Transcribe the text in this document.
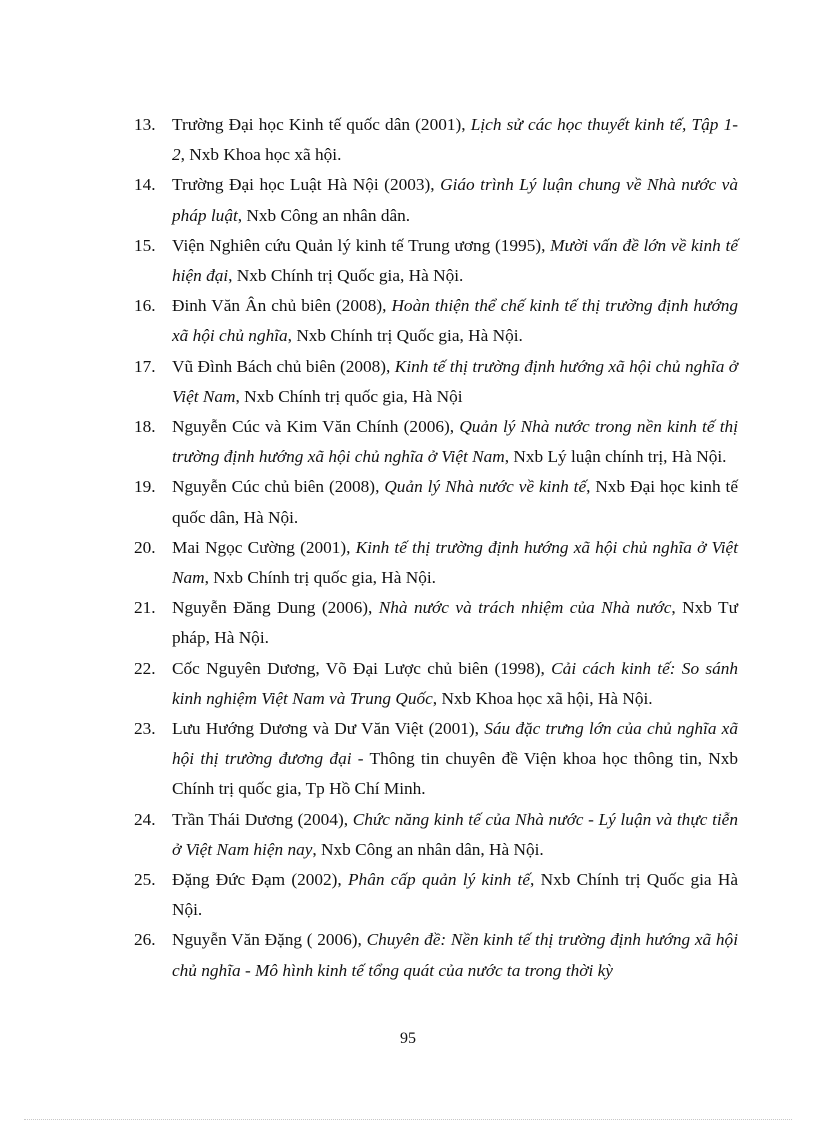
13. Trường Đại học Kinh tế quốc dân (2001), Lịch sử các học thuyết kinh tế, Tập 1- 2, Nxb Khoa học xã hội.
14. Trường Đại học Luật Hà Nội (2003), Giáo trình Lý luận chung về Nhà nước và pháp luật, Nxb Công an nhân dân.
15. Viện Nghiên cứu Quản lý kinh tế Trung ương (1995), Mười vấn đề lớn về kinh tế hiện đại, Nxb Chính trị Quốc gia, Hà Nội.
16. Đinh Văn Ân chủ biên (2008), Hoàn thiện thể chế kinh tế thị trường định hướng xã hội chủ nghĩa, Nxb Chính trị Quốc gia, Hà Nội.
17. Vũ Đình Bách chủ biên (2008), Kinh tế thị trường định hướng xã hội chủ nghĩa ở Việt Nam, Nxb Chính trị quốc gia, Hà Nội
18. Nguyễn Cúc và Kim Văn Chính (2006), Quản lý Nhà nước trong nền kinh tế thị trường định hướng xã hội chủ nghĩa ở Việt Nam, Nxb Lý luận chính trị, Hà Nội.
19. Nguyễn Cúc chủ biên (2008), Quản lý Nhà nước về kinh tế, Nxb Đại học kinh tế quốc dân, Hà Nội.
20. Mai Ngọc Cường (2001), Kinh tế thị trường định hướng xã hội chủ nghĩa ở Việt Nam, Nxb Chính trị quốc gia, Hà Nội.
21. Nguyễn Đăng Dung (2006), Nhà nước và trách nhiệm của Nhà nước, Nxb Tư pháp, Hà Nội.
22. Cốc Nguyên Dương, Võ Đại Lược chủ biên (1998), Cải cách kinh tế: So sánh kinh nghiệm Việt Nam và Trung Quốc, Nxb Khoa học xã hội, Hà Nội.
23. Lưu Hướng Dương và Dư Văn Việt (2001), Sáu đặc trưng lớn của chủ nghĩa xã hội thị trường đương đại - Thông tin chuyên đề Viện khoa học thông tin, Nxb Chính trị quốc gia, Tp Hồ Chí Minh.
24. Trần Thái Dương (2004), Chức năng kinh tế của Nhà nước - Lý luận và thực tiễn ở Việt Nam hiện nay, Nxb Công an nhân dân, Hà Nội.
25. Đặng Đức Đạm (2002), Phân cấp quản lý kinh tế, Nxb Chính trị Quốc gia Hà Nội.
26. Nguyễn Văn Đặng ( 2006), Chuyên đề: Nền kinh tế thị trường định hướng xã hội chủ nghĩa - Mô hình kinh tế tổng quát của nước ta trong thời kỳ
95
